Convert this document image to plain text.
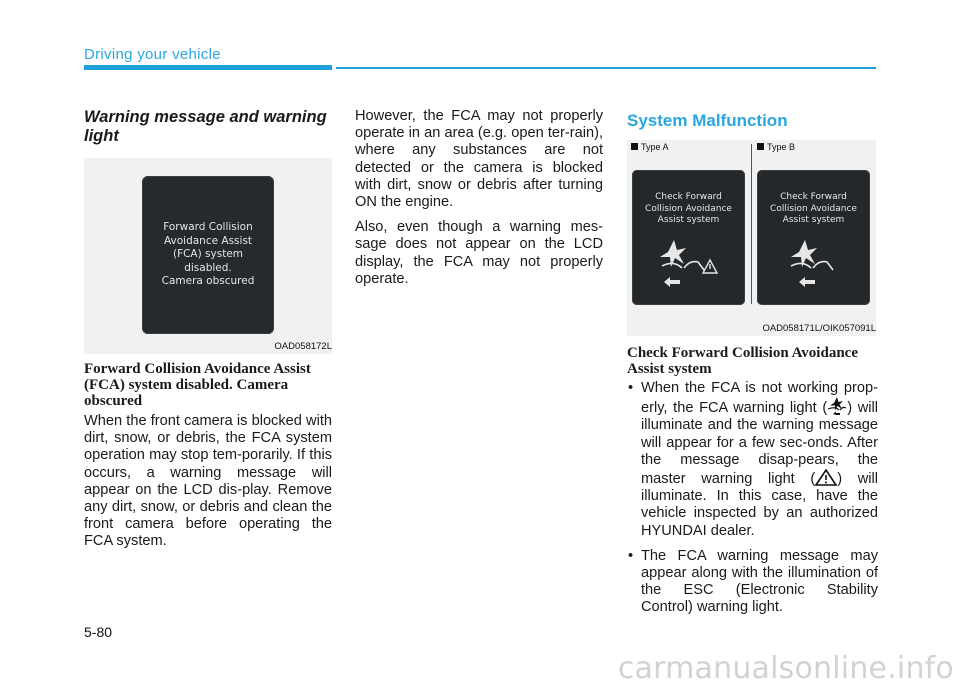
Driving your vehicle

Warning message and warning light

Forward Collision
Avoidance Assist
(FCA) system
disabled.
Camera obscured
OAD058172L
Forward Collision Avoidance Assist (FCA) system disabled. Camera obscured

When the front camera is blocked with dirt, snow, or debris, the FCA system operation may stop tem-porarily. If this occurs, a warning message will appear on the LCD dis-play. Remove any dirt, snow, or debris and clean the front camera before operating the FCA system.

However, the FCA may not properly operate in an area (e.g. open ter-rain), where any substances are not detected or the camera is blocked with dirt, snow or debris after turning ON the engine.

Also, even though a warning mes-sage does not appear on the LCD display, the FCA may not properly operate.

System Malfunction
Type A	Type B
Check Forward
Collision Avoidance
Assist system
Check Forward
Collision Avoidance
Assist system
OAD058171L/OIK057091L
Check Forward Collision Avoidance Assist system
• When the FCA is not working prop-erly, the FCA warning light ( ) will illuminate and the warning message will appear for a few sec-onds. After the message disap-pears, the master warning light ( ) will illuminate. In this case, have the vehicle inspected by an authorized HYUNDAI dealer.
• The FCA warning message may appear along with the illumination of the ESC (Electronic Stability Control) warning light.
5-80
carmanualsonline.info
